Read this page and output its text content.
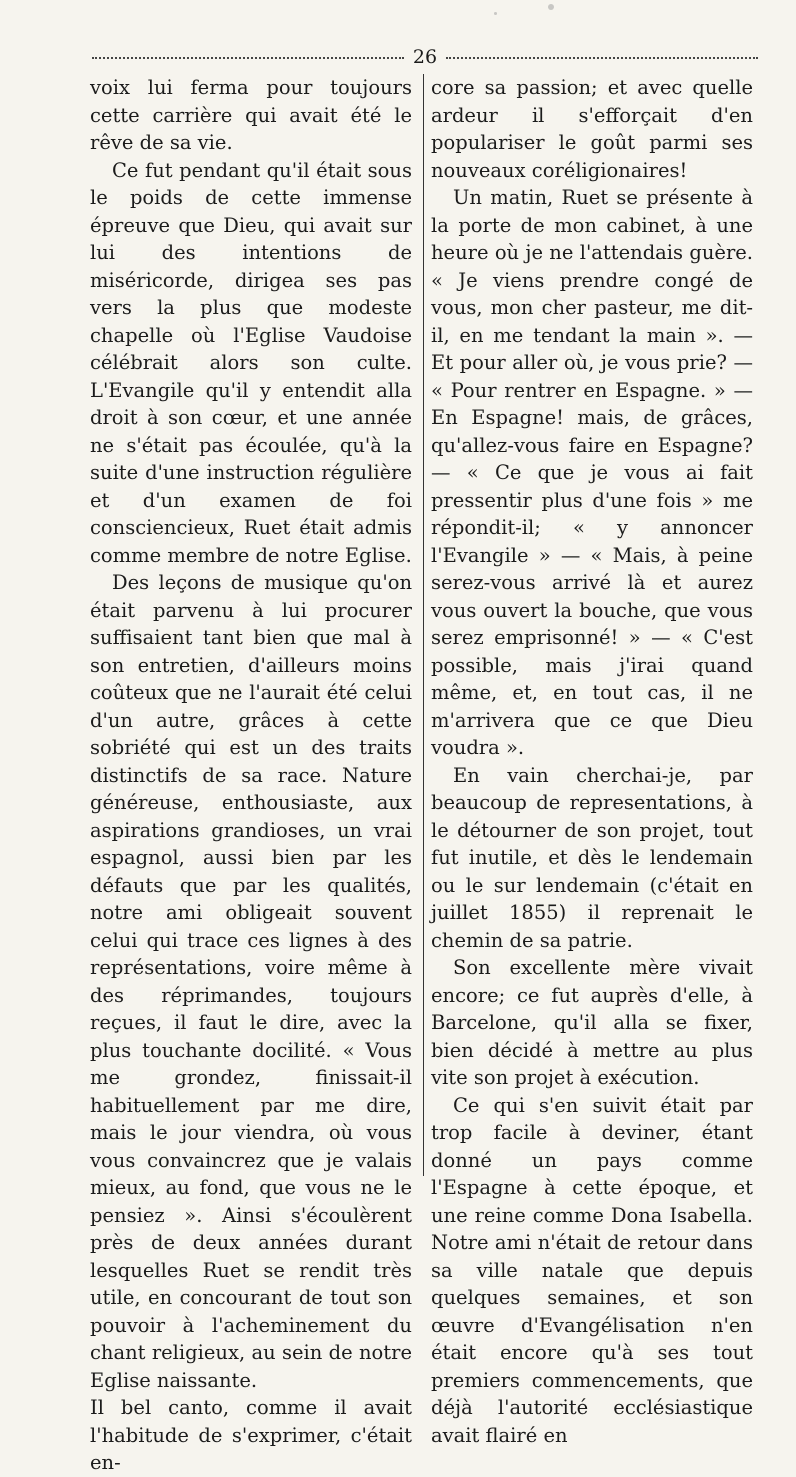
26

voix lui ferma pour toujours cette carrière qui avait été le rêve de sa vie.

Ce fut pendant qu'il était sous le poids de cette immense épreuve que Dieu, qui avait sur lui des intentions de miséricorde, dirigea ses pas vers la plus que modeste chapelle où l'Eglise Vaudoise célébrait alors son culte. L'Evangile qu'il y entendit alla droit à son cœur, et une année ne s'était pas écoulée, qu'à la suite d'une instruction régulière et d'un examen de foi consciencieux, Ruet était admis comme membre de notre Eglise.

Des leçons de musique qu'on était parvenu à lui procurer suffisaient tant bien que mal à son entretien, d'ailleurs moins coûteux que ne l'aurait été celui d'un autre, grâces à cette sobriété qui est un des traits distinctifs de sa race. Nature généreuse, enthousiaste, aux aspirations grandioses, un vrai espagnol, aussi bien par les défauts que par les qualités, notre ami obligeait souvent celui qui trace ces lignes à des représentations, voire même à des réprimandes, toujours reçues, il faut le dire, avec la plus touchante docilité. « Vous me grondez, finissait-il habituellement par me dire, mais le jour viendra, où vous vous convaincrez que je valais mieux, au fond, que vous ne le pensiez ». Ainsi s'écoulèrent près de deux années durant lesquelles Ruet se rendit très utile, en concourant de tout son pouvoir à l'acheminement du chant religieux, au sein de notre Eglise naissante.

Il bel canto, comme il avait l'habitude de s'exprimer, c'était en-

core sa passion; et avec quelle ardeur il s'efforçait d'en populariser le goût parmi ses nouveaux coréligionaires!

Un matin, Ruet se présente à la porte de mon cabinet, à une heure où je ne l'attendais guère. « Je viens prendre congé de vous, mon cher pasteur, me dit-il, en me tendant la main ». — Et pour aller où, je vous prie? — « Pour rentrer en Espagne. » — En Espagne! mais, de grâces, qu'allez-vous faire en Espagne? — « Ce que je vous ai fait pressentir plus d'une fois » me répondit-il; « y annoncer l'Evangile » — « Mais, à peine serez-vous arrivé là et aurez vous ouvert la bouche, que vous serez emprisonné! » — « C'est possible, mais j'irai quand même, et, en tout cas, il ne m'arrivera que ce que Dieu voudra ».

En vain cherchai-je, par beaucoup de representations, à le détourner de son projet, tout fut inutile, et dès le lendemain ou le sur lendemain (c'était en juillet 1855) il reprenait le chemin de sa patrie.

Son excellente mère vivait encore; ce fut auprès d'elle, à Barcelone, qu'il alla se fixer, bien décidé à mettre au plus vite son projet à exécution.

Ce qui s'en suivit était par trop facile à deviner, étant donné un pays comme l'Espagne à cette époque, et une reine comme Dona Isabella. Notre ami n'était de retour dans sa ville natale que depuis quelques semaines, et son œuvre d'Evangélisation n'en était encore qu'à ses tout premiers commencements, que déjà l'autorité ecclésiastique avait flairé en
